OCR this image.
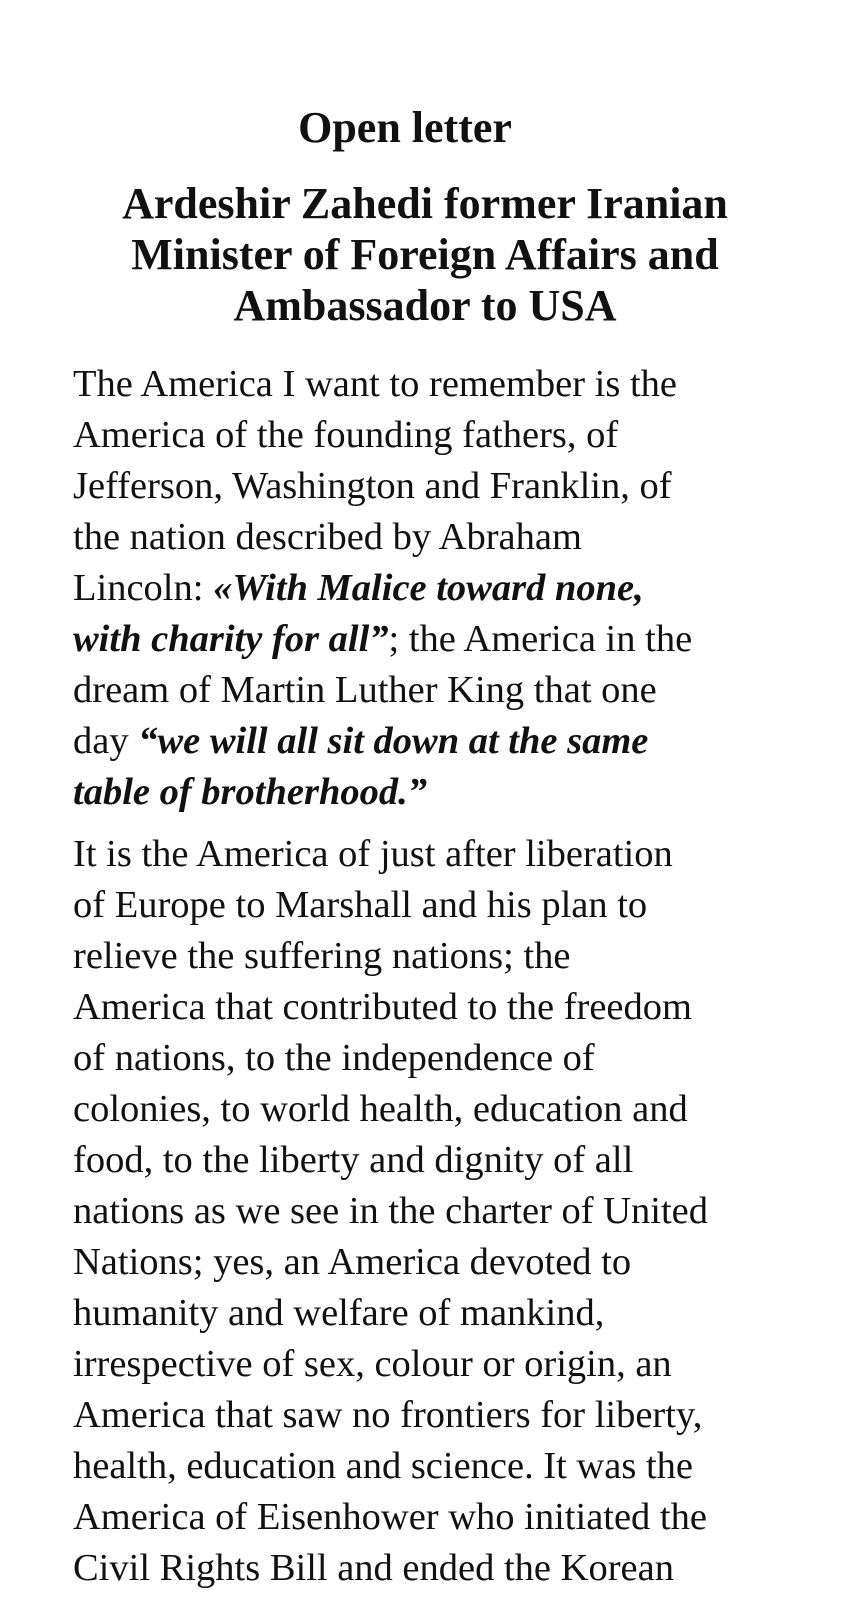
Open letter
Ardeshir Zahedi former Iranian
Minister of Foreign Affairs and
Ambassador to USA

The America I want to remember is the
America of the founding fathers, of
Jefferson, Washington and Franklin, of
the nation described by Abraham
Lincoln: «With Malice toward none,
with charity for all”; the America in the
dream of Martin Luther King that one
day “we will all sit down at the same
table of brotherhood.”

It is the America of just after liberation
of Europe to Marshall and his plan to
relieve the suffering nations; the
America that contributed to the freedom
of nations, to the independence of
colonies, to world health, education and
food, to the liberty and dignity of all
nations as we see in the charter of United
Nations; yes, an America devoted to
humanity and welfare of mankind,
irrespective of sex, colour or origin, an
America that saw no frontiers for liberty,
health, education and science. It was the
America of Eisenhower who initiated the
Civil Rights Bill and ended the Korean
